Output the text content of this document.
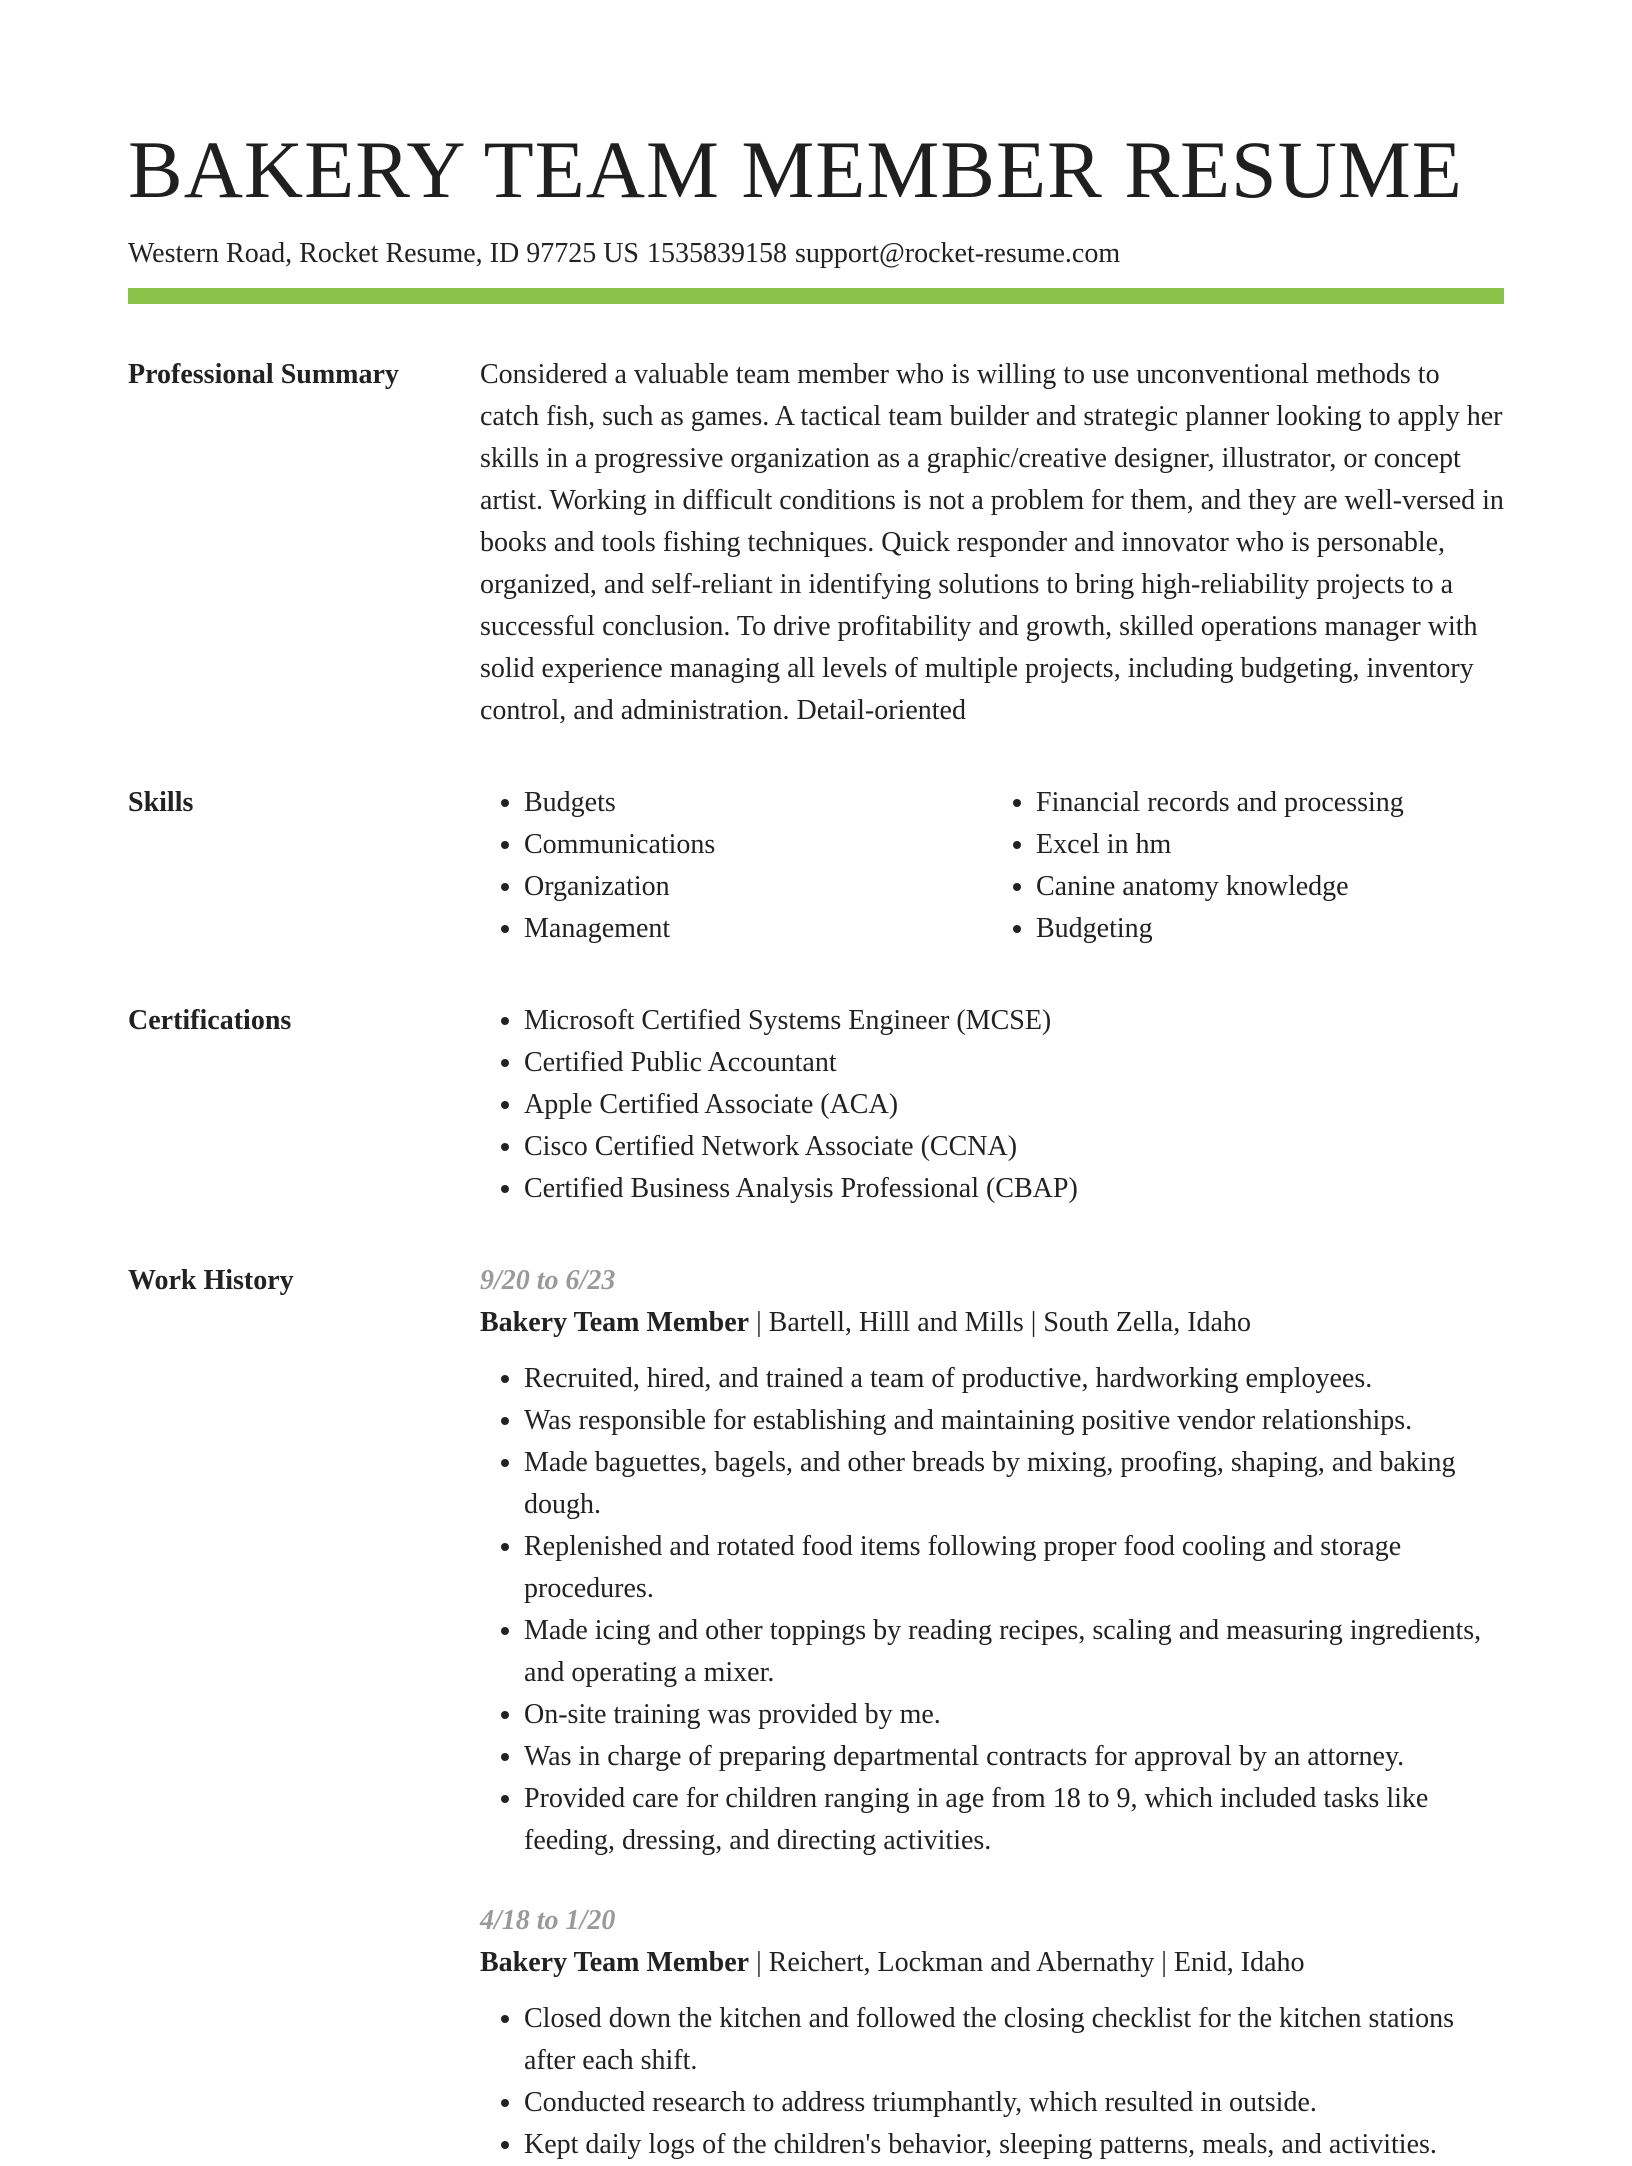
BAKERY TEAM MEMBER RESUME
Western Road, Rocket Resume, ID 97725 US 1535839158 support@rocket-resume.com
Professional Summary	Considered a valuable team member who is willing to use unconventional methods to catch fish, such as games. A tactical team builder and strategic planner looking to apply her skills in a progressive organization as a graphic/creative designer, illustrator, or concept artist. Working in difficult conditions is not a problem for them, and they are well-versed in books and tools fishing techniques. Quick responder and innovator who is personable, organized, and self-reliant in identifying solutions to bring high-reliability projects to a successful conclusion. To drive profitability and growth, skilled operations manager with solid experience managing all levels of multiple projects, including budgeting, inventory control, and administration. Detail-oriented

Skills	• Budgets
• Communications
• Organization
• Management
• Financial records and processing
• Excel in hm
• Canine anatomy knowledge
• Budgeting
Certifications	• Microsoft Certified Systems Engineer (MCSE)
• Certified Public Accountant
• Apple Certified Associate (ACA)
• Cisco Certified Network Associate (CCNA)
• Certified Business Analysis Professional (CBAP)
Work History	9/20 to 6/23
Bakery Team Member | Bartell, Hilll and Mills | South Zella, Idaho
• Recruited, hired, and trained a team of productive, hardworking employees.
• Was responsible for establishing and maintaining positive vendor relationships.
• Made baguettes, bagels, and other breads by mixing, proofing, shaping, and baking dough.
• Replenished and rotated food items following proper food cooling and storage procedures.
• Made icing and other toppings by reading recipes, scaling and measuring ingredients, and operating a mixer.
• On-site training was provided by me.
• Was in charge of preparing departmental contracts for approval by an attorney.
• Provided care for children ranging in age from 18 to 9, which included tasks like feeding, dressing, and directing activities.
4/18 to 1/20
Bakery Team Member | Reichert, Lockman and Abernathy | Enid, Idaho
• Closed down the kitchen and followed the closing checklist for the kitchen stations after each shift.
• Conducted research to address triumphantly, which resulted in outside.
• Kept daily logs of the children's behavior, sleeping patterns, meals, and activities.
